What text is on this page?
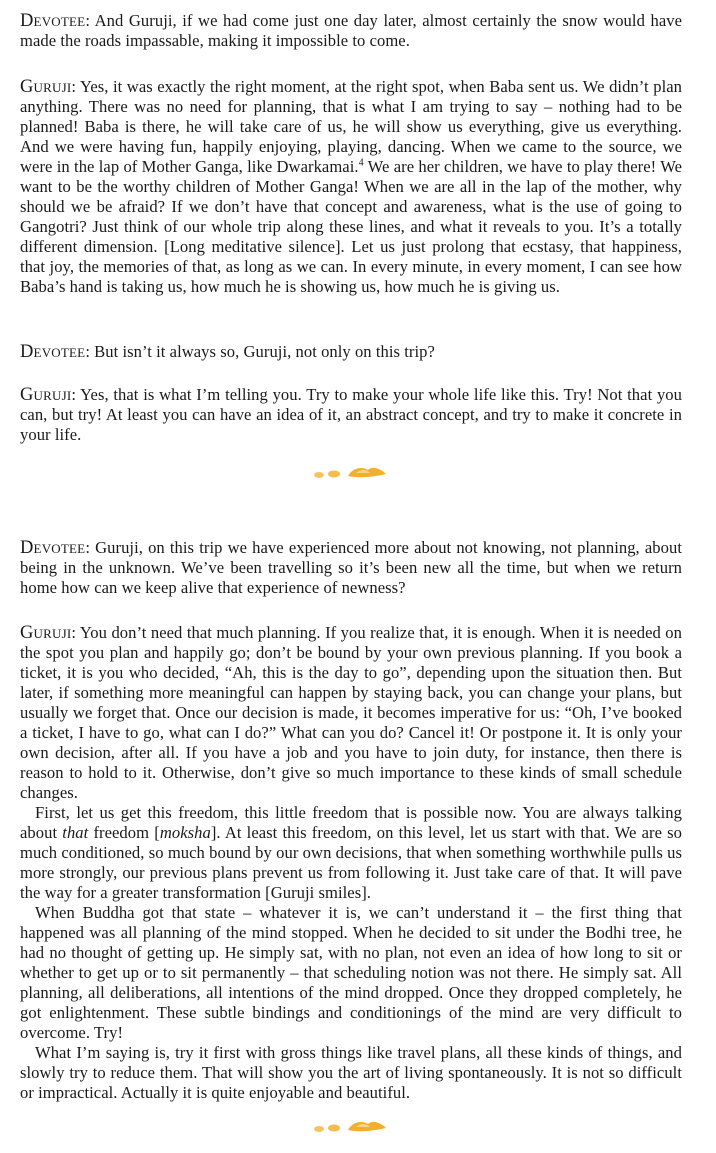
Devotee: And Guruji, if we had come just one day later, almost certainly the snow would have made the roads impassable, making it impossible to come.

Guruji: Yes, it was exactly the right moment, at the right spot, when Baba sent us. We didn’t plan anything. There was no need for planning, that is what I am trying to say – nothing had to be planned! Baba is there, he will take care of us, he will show us everything, give us everything. And we were having fun, happily enjoying, playing, dancing. When we came to the source, we were in the lap of Mother Ganga, like Dwarkamai.$^4$ We are her children, we have to play there! We want to be the worthy children of Mother Ganga! When we are all in the lap of the mother, why should we be afraid? If we don’t have that concept and awareness, what is the use of going to Gangotri? Just think of our whole trip along these lines, and what it reveals to you. It’s a totally different dimension. [Long meditative silence]. Let us just prolong that ecstasy, that happiness, that joy, the memories of that, as long as we can. In every minute, in every moment, I can see how Baba’s hand is taking us, how much he is showing us, how much he is giving us.

Devotee: But isn’t it always so, Guruji, not only on this trip?

Guruji: Yes, that is what I’m telling you. Try to make your whole life like this. Try! Not that you can, but try! At least you can have an idea of it, an abstract concept, and try to make it concrete in your life.

Devotee: Guruji, on this trip we have experienced more about not knowing, not planning, about being in the unknown. We’ve been travelling so it’s been new all the time, but when we return home how can we keep alive that experience of newness?

Guruji: You don’t need that much planning. If you realize that, it is enough. When it is needed on the spot you plan and happily go; don’t be bound by your own previous planning. If you book a ticket, it is you who decided, “Ah, this is the day to go”, depending upon the situation then. But later, if something more meaningful can happen by staying back, you can change your plans, but usually we forget that. Once our decision is made, it becomes imperative for us: “Oh, I’ve booked a ticket, I have to go, what can I do?” What can you do? Cancel it! Or postpone it. It is only your own decision, after all. If you have a job and you have to join duty, for instance, then there is reason to hold to it. Otherwise, don’t give so much importance to these kinds of small schedule changes.

First, let us get this freedom, this little freedom that is possible now. You are always talking about that freedom [moksha]. At least this freedom, on this level, let us start with that. We are so much conditioned, so much bound by our own decisions, that when something worthwhile pulls us more strongly, our previous plans prevent us from following it. Just take care of that. It will pave the way for a greater transformation [Guruji smiles].

When Buddha got that state – whatever it is, we can’t understand it – the first thing that happened was all planning of the mind stopped. When he decided to sit under the Bodhi tree, he had no thought of getting up. He simply sat, with no plan, not even an idea of how long to sit or whether to get up or to sit permanently – that scheduling notion was not there. He simply sat. All planning, all deliberations, all intentions of the mind dropped. Once they dropped completely, he got enlightenment. These subtle bindings and conditionings of the mind are very difficult to overcome. Try!

What I’m saying is, try it first with gross things like travel plans, all these kinds of things, and slowly try to reduce them. That will show you the art of living spontaneously. It is not so difficult or impractical. Actually it is quite enjoyable and beautiful.
